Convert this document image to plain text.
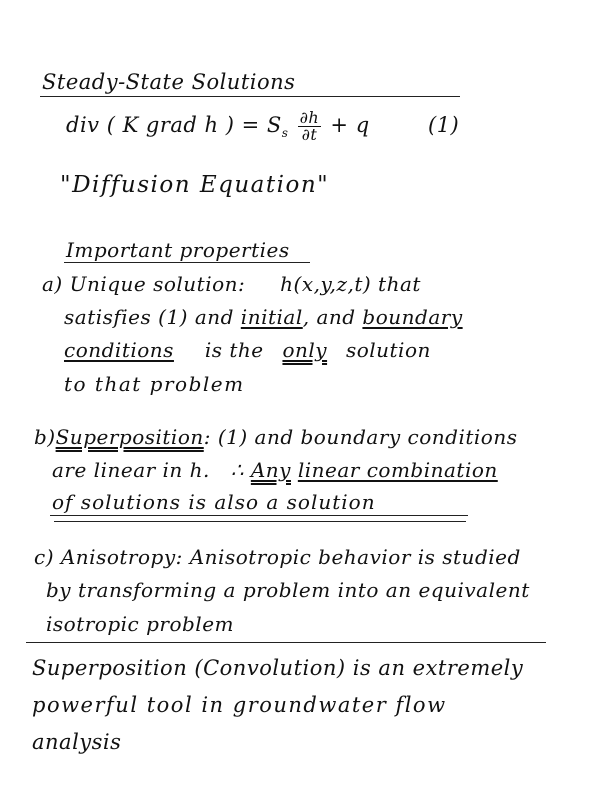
Steady-State Solutions
div ( K grad h ) = $S_s \frac{\partial h}{\partial t} + q$	(1)
"Diffusion Equation"
Important properties
a) Unique solution: h(x,y,z,t) that
satisfies (1) and initial, and boundary
conditions is the only solution
to that problem
b)Superposition: (1) and boundary conditions
are linear in h. ∴ Any linear combination
of solutions is also a solution
c) Anisotropy: Anisotropic behavior is studied
by transforming a problem into an equivalent
isotropic problem
Superposition (Convolution) is an extremely
powerful tool in groundwater flow
analysis
